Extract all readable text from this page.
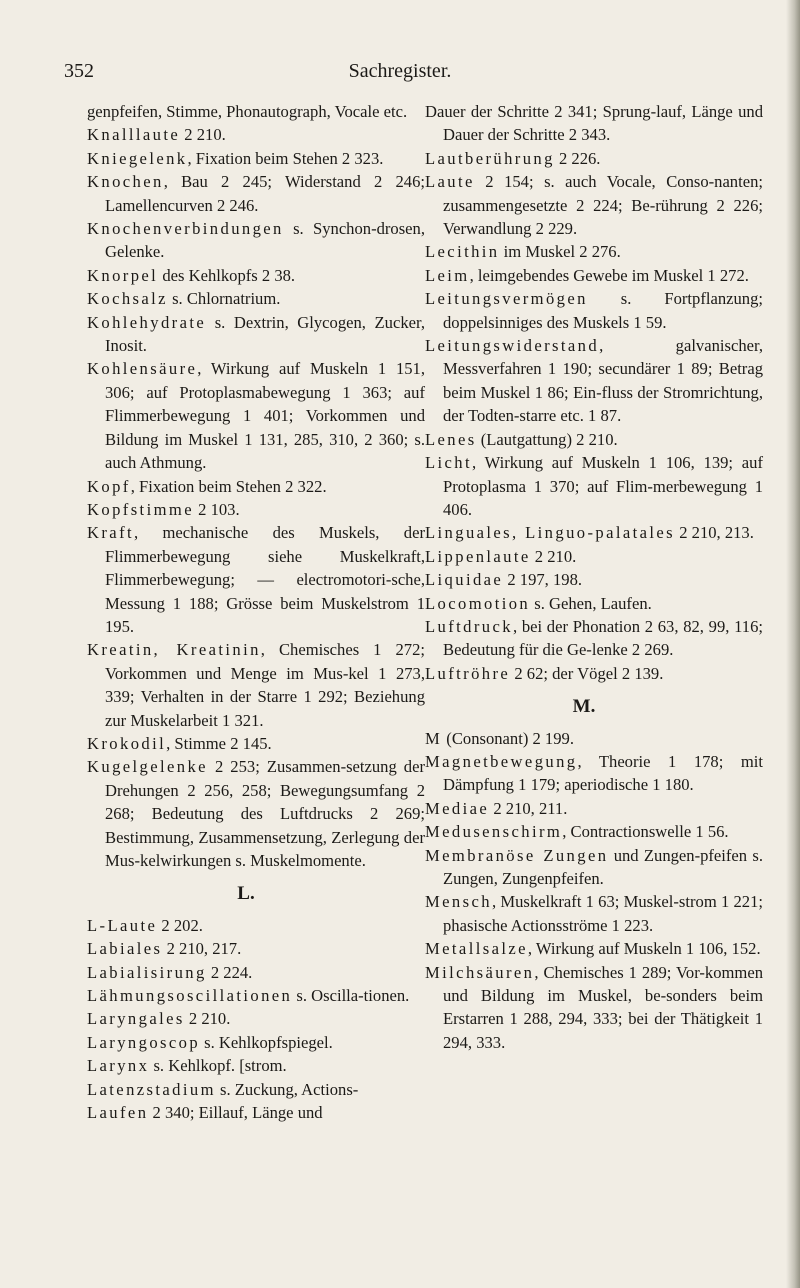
352	Sachregister.
genpfeifen, Stimme, Phonautograph, Vocale etc.
Knalllaute 2 210.
Kniegelenk, Fixation beim Stehen 2 323.
Knochen, Bau 2 245; Widerstand 2 246; Lamellencurven 2 246.
Knochenverbindungen s. Synchon-drosen, Gelenke.
Knorpel des Kehlkopfs 2 38.
Kochsalz s. Chlornatrium.
Kohlehydrate s. Dextrin, Glycogen, Zucker, Inosit.
Kohlensäure, Wirkung auf Muskeln 1 151, 306; auf Protoplasmabewegung 1 363; auf Flimmerbewegung 1 401; Vorkommen und Bildung im Muskel 1 131, 285, 310, 2 360; s. auch Athmung.
Kopf, Fixation beim Stehen 2 322.
Kopfstimme 2 103.
Kraft, mechanische des Muskels, der Flimmerbewegung siehe Muskelkraft, Flimmerbewegung; — electromotori-sche, Messung 1 188; Grösse beim Muskelstrom 1 195.
Kreatin, Kreatinin, Chemisches 1 272; Vorkommen und Menge im Mus-kel 1 273, 339; Verhalten in der Starre 1 292; Beziehung zur Muskelarbeit 1 321.
Krokodil, Stimme 2 145.
Kugelgelenke 2 253; Zusammen-setzung der Drehungen 2 256, 258; Bewegungsumfang 2 268; Bedeutung des Luftdrucks 2 269; Bestimmung, Zusammensetzung, Zerlegung der Mus-kelwirkungen s. Muskelmomente.
L.
L-Laute 2 202.
Labiales 2 210, 217.
Labialisirung 2 224.
Lähmungsoscillationen s. Oscilla-tionen.
Laryngales 2 210.
Laryngoscop s. Kehlkopfspiegel.
Larynx s. Kehlkopf. [strom.
Latenzstadium s. Zuckung, Actions-
Laufen 2 340; Eillauf, Länge und
Dauer der Schritte 2 341; Sprung-lauf, Länge und Dauer der Schritte 2 343.
Lautberührung 2 226.
Laute 2 154; s. auch Vocale, Conso-nanten; zusammengesetzte 2 224; Be-rührung 2 226; Verwandlung 2 229.
Lecithin im Muskel 2 276.
Leim, leimgebendes Gewebe im Muskel 1 272.
Leitungsvermögen s. Fortpflanzung; doppelsinniges des Muskels 1 59.
Leitungswiderstand, galvanischer, Messverfahren 1 190; secundärer 1 89; Betrag beim Muskel 1 86; Ein-fluss der Stromrichtung, der Todten-starre etc. 1 87.
Lenes (Lautgattung) 2 210.
Licht, Wirkung auf Muskeln 1 106, 139; auf Protoplasma 1 370; auf Flim-merbewegung 1 406.
Linguales, Linguo-palatales 2 210, 213.
Lippenlaute 2 210.
Liquidae 2 197, 198.
Locomotion s. Gehen, Laufen.
Luftdruck, bei der Phonation 2 63, 82, 99, 116; Bedeutung für die Ge-lenke 2 269.
Luftröhre 2 62; der Vögel 2 139.
M.
M (Consonant) 2 199.
Magnetbewegung, Theorie 1 178; mit Dämpfung 1 179; aperiodische 1 180.
Mediae 2 210, 211.
Medusenschirm, Contractionswelle 1 56.
Membranöse Zungen und Zungen-pfeifen s. Zungen, Zungenpfeifen.
Mensch, Muskelkraft 1 63; Muskel-strom 1 221; phasische Actionsströme 1 223.
Metallsalze, Wirkung auf Muskeln 1 106, 152.
Milchsäuren, Chemisches 1 289; Vor-kommen und Bildung im Muskel, be-sonders beim Erstarren 1 288, 294, 333; bei der Thätigkeit 1 294, 333.
